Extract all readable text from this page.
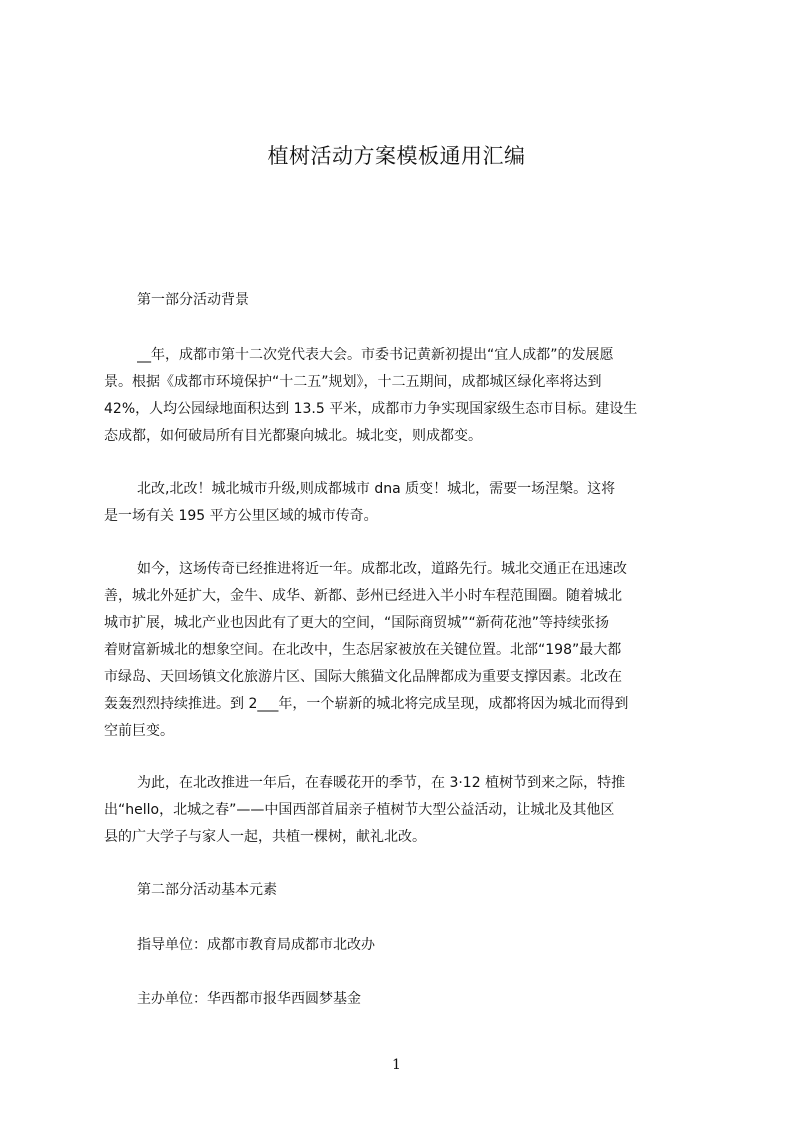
植树活动方案模板通用汇编
第一部分活动背景
__年，成都市第十二次党代表大会。市委书记黄新初提出“宜人成都”的发展愿
景。根据《成都市环境保护“十二五”规划》，十二五期间，成都城区绿化率将达到
42%，人均公园绿地面积达到 13.5 平米，成都市力争实现国家级生态市目标。建设生
态成都，如何破局所有目光都聚向城北。城北变，则成都变。
北改,北改！城北城市升级,则成都城市 dna 质变！城北，需要一场涅槃。这将
是一场有关 195 平方公里区域的城市传奇。
如今，这场传奇已经推进将近一年。成都北改，道路先行。城北交通正在迅速改
善，城北外延扩大，金牛、成华、新都、彭州已经进入半小时车程范围圈。随着城北
城市扩展，城北产业也因此有了更大的空间，“国际商贸城”“新荷花池”等持续张扬
着财富新城北的想象空间。在北改中，生态居家被放在关键位置。北部“198”最大都
市绿岛、天回场镇文化旅游片区、国际大熊猫文化品牌都成为重要支撑因素。北改在
轰轰烈烈持续推进。到 2___年，一个崭新的城北将完成呈现，成都将因为城北而得到
空前巨变。
为此，在北改推进一年后，在春暖花开的季节，在 3·12 植树节到来之际，特推
出“hello，北城之春”——中国西部首届亲子植树节大型公益活动，让城北及其他区
县的广大学子与家人一起，共植一棵树，献礼北改。
第二部分活动基本元素
指导单位：成都市教育局成都市北改办
主办单位：华西都市报华西圆梦基金
1
